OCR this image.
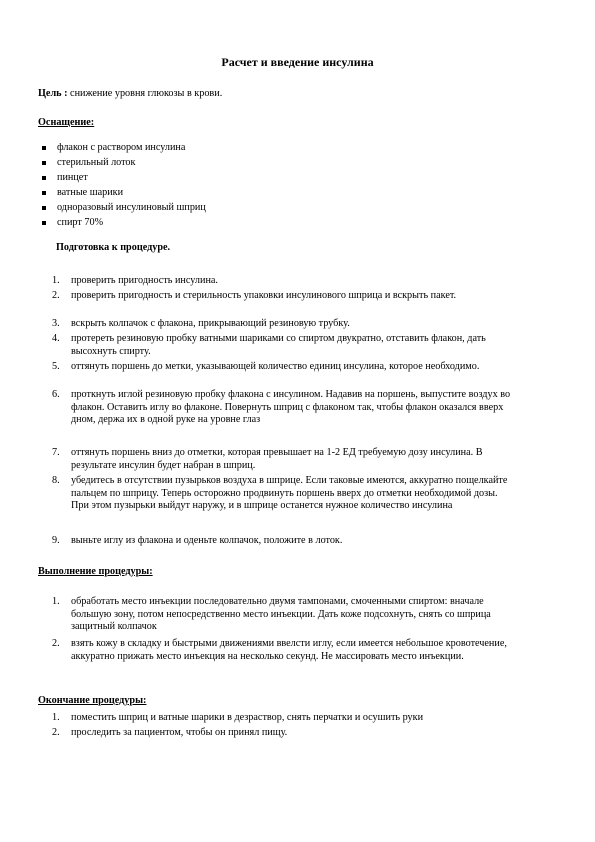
Расчет и введение инсулина
Цель : снижение уровня глюкозы в крови.
Оснащение:
флакон с раствором инсулина
стерильный лоток
пинцет
ватные шарики
одноразовый инсулиновый шприц
спирт 70%
Подготовка к процедуре.
1. проверить пригодность инсулина.
2. проверить пригодность и стерильность упаковки инсулинового шприца и вскрыть пакет.
3. вскрыть колпачок с флакона, прикрывающий резиновую трубку.
4. протереть резиновую пробку ватными шариками со спиртом двукратно, отставить флакон, дать высохнуть спирту.
5. оттянуть поршень до метки, указывающей количество единиц инсулина, которое необходимо.
6. проткнуть иглой резиновую пробку флакона с инсулином. Надавив на поршень, выпустите воздух во флакон. Оставить иглу во флаконе. Повернуть шприц с флаконом так, чтобы флакон оказался вверх дном, держа их в одной руке на уровне глаз
7. оттянуть поршень вниз до отметки, которая превышает на 1-2 ЕД требуемую дозу инсулина. В результате инсулин будет набран в шприц.
8. убедитесь в отсутствии пузырьков воздуха в шприце. Если таковые имеются, аккуратно пощелкайте пальцем по шприцу. Теперь осторожно продвинуть поршень вверх до отметки необходимой дозы. При этом пузырьки выйдут наружу, и в шприце останется нужное количество инсулина
9. выньте иглу из флакона и оденьте колпачок, положите в лоток.
Выполнение процедуры:
1. обработать место инъекции последовательно двумя тампонами, смоченными спиртом: вначале большую зону, потом непосредственно место инъекции. Дать коже подсохнуть, снять со шприца защитный колпачок
2. взять кожу в складку и быстрыми движениями ввелсти иглу, если имеется небольшое кровотечение, аккуратно прижать место инъекция на несколько секунд. Не массировать место инъекции.
Окончание процедуры:
1. поместить шприц и ватные шарики в дезраствор, снять перчатки и осушить руки
2. проследить за пациентом, чтобы он принял пищу.
